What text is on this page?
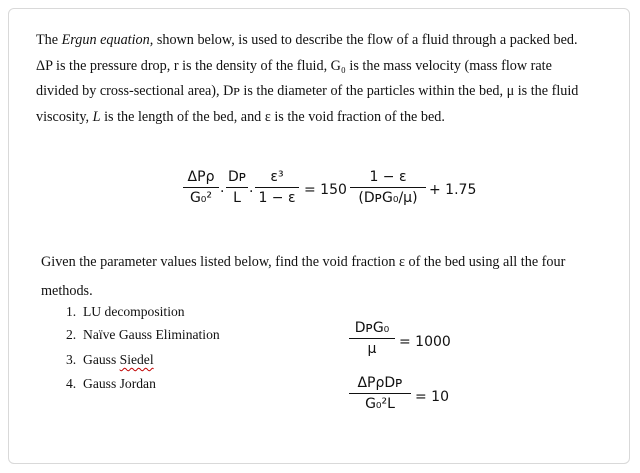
The Ergun equation, shown below, is used to describe the flow of a fluid through a packed bed.
ΔP is the pressure drop, r is the density of the fluid, G₀ is the mass velocity (mass flow rate
divided by cross-sectional area), Dᴘ is the diameter of the particles within the bed, μ is the fluid
viscosity, L is the length of the bed, and ε is the void fraction of the bed.
ΔPρ
G₀² ·
Dᴘ
L ·
ε³
1 − ε
= 150
1 − ε
(DᴘG₀/μ)
+ 1.75
Given the parameter values listed below, find the void fraction ε of the bed using all the four
methods.
1. LU decomposition
2. Naïve Gauss Elimination
3. Gauss Siedel
4. Gauss Jordan
DᴘG₀
μ	= 1000
ΔPρDᴘ
G₀²L	= 10
